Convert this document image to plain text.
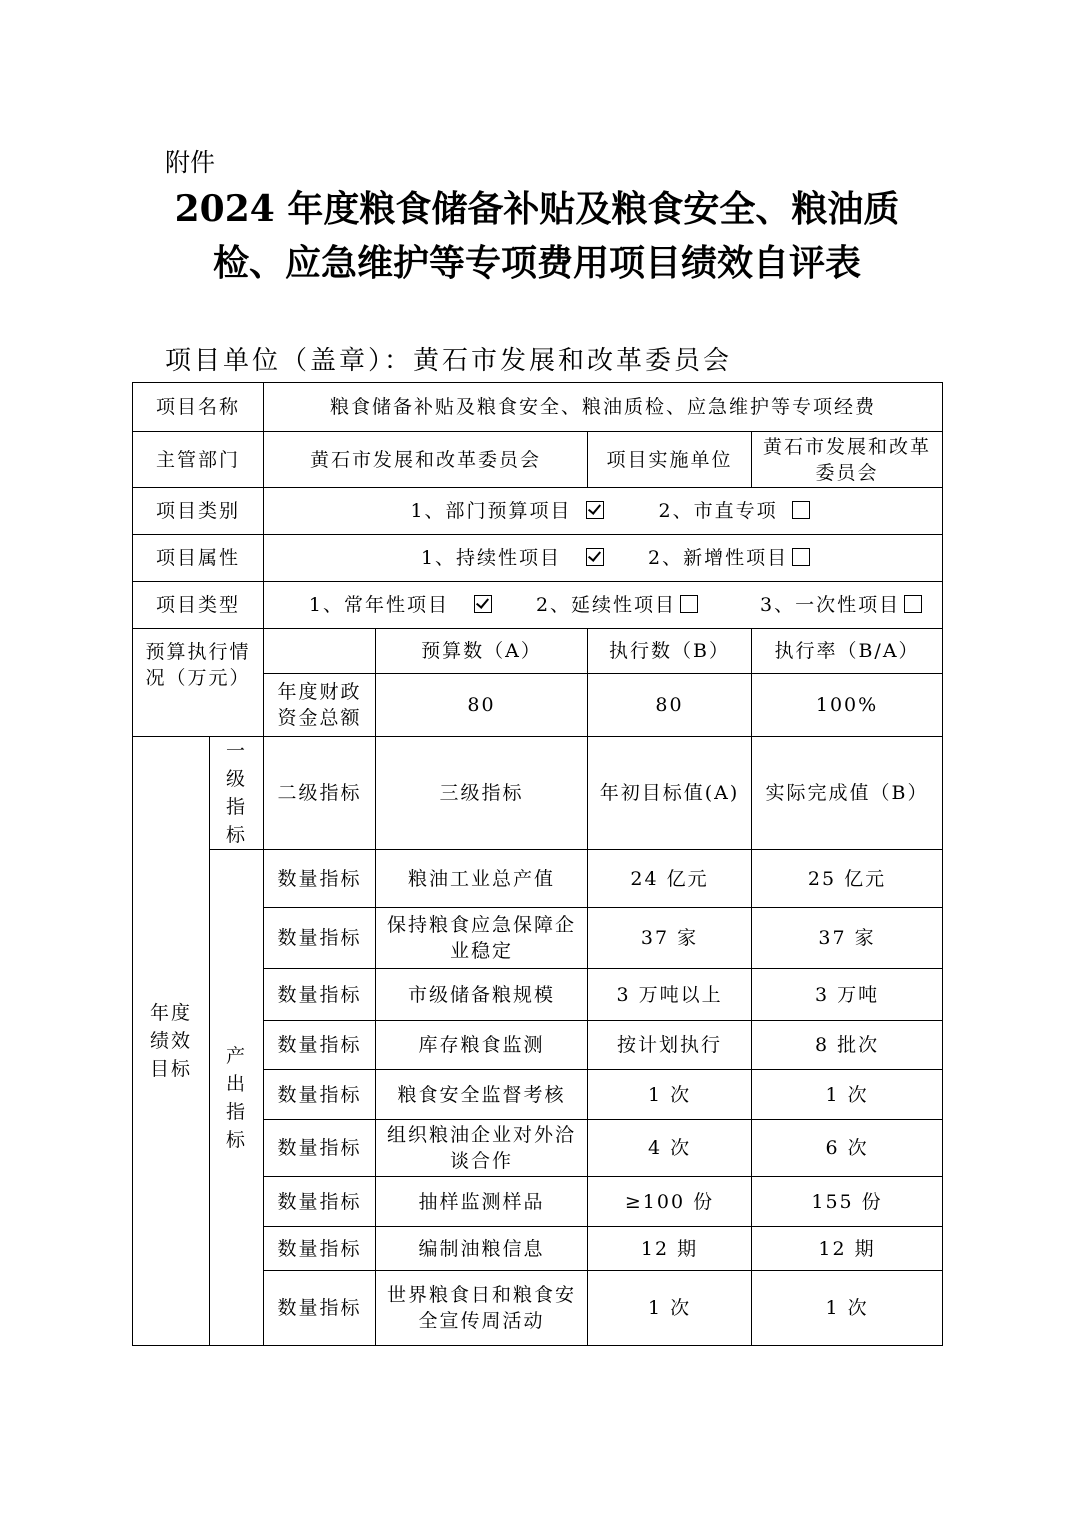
附件
2024 年度粮食储备补贴及粮食安全、粮油质
检、应急维护等专项费用项目绩效自评表
项目单位（盖章）：黄石市发展和改革委员会
项目名称		粮食储备补贴及粮食安全、粮油质检、应急维护等专项经费			
主管部门		黄石市发展和改革委员会		项目实施单位	黄石市发展和改革委员会
项目类别		1、部门预算项目 2、市直专项			
项目属性		1、持续性项目 2、新增性项目			
项目类型		1、常年性项目 2、延续性项目 3、一次性项目			
预算执行情况（万元）			预算数（A）	执行数（B）	执行率（B/A）
		年度财政资金总额	80	80	100%
年度绩效目标	一级指标	二级指标	三级指标	年初目标值(A)	实际完成值（B）
	产出指标	数量指标	粮油工业总产值	24 亿元	25 亿元
		数量指标	保持粮食应急保障企业稳定	37 家	37 家
		数量指标	市级储备粮规模	3 万吨以上	3 万吨
		数量指标	库存粮食监测	按计划执行	8 批次
		数量指标	粮食安全监督考核	1 次	1 次
		数量指标	组织粮油企业对外洽谈合作	4 次	6 次
		数量指标	抽样监测样品	≥100 份	155 份
		数量指标	编制油粮信息	12 期	12 期
		数量指标	世界粮食日和粮食安全宣传周活动	1 次	1 次
